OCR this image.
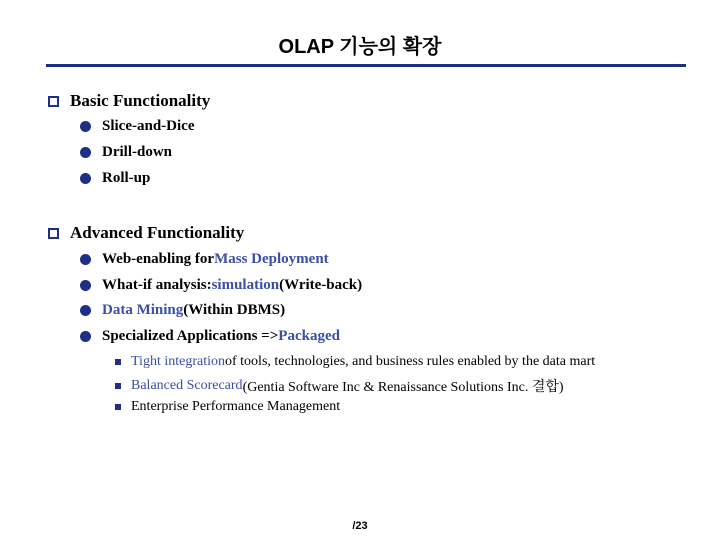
OLAP 기능의 확장
Basic Functionality
Slice-and-Dice
Drill-down
Roll-up
Advanced Functionality
Web-enabling for Mass Deployment
What-if analysis: simulation (Write-back)
Data Mining (Within DBMS)
Specialized Applications => Packaged
Tight integration of tools, technologies, and business rules enabled by the data mart
Balanced Scorecard (Gentia Software Inc & Renaissance Solutions Inc. 결합)
Enterprise Performance Management
/23
